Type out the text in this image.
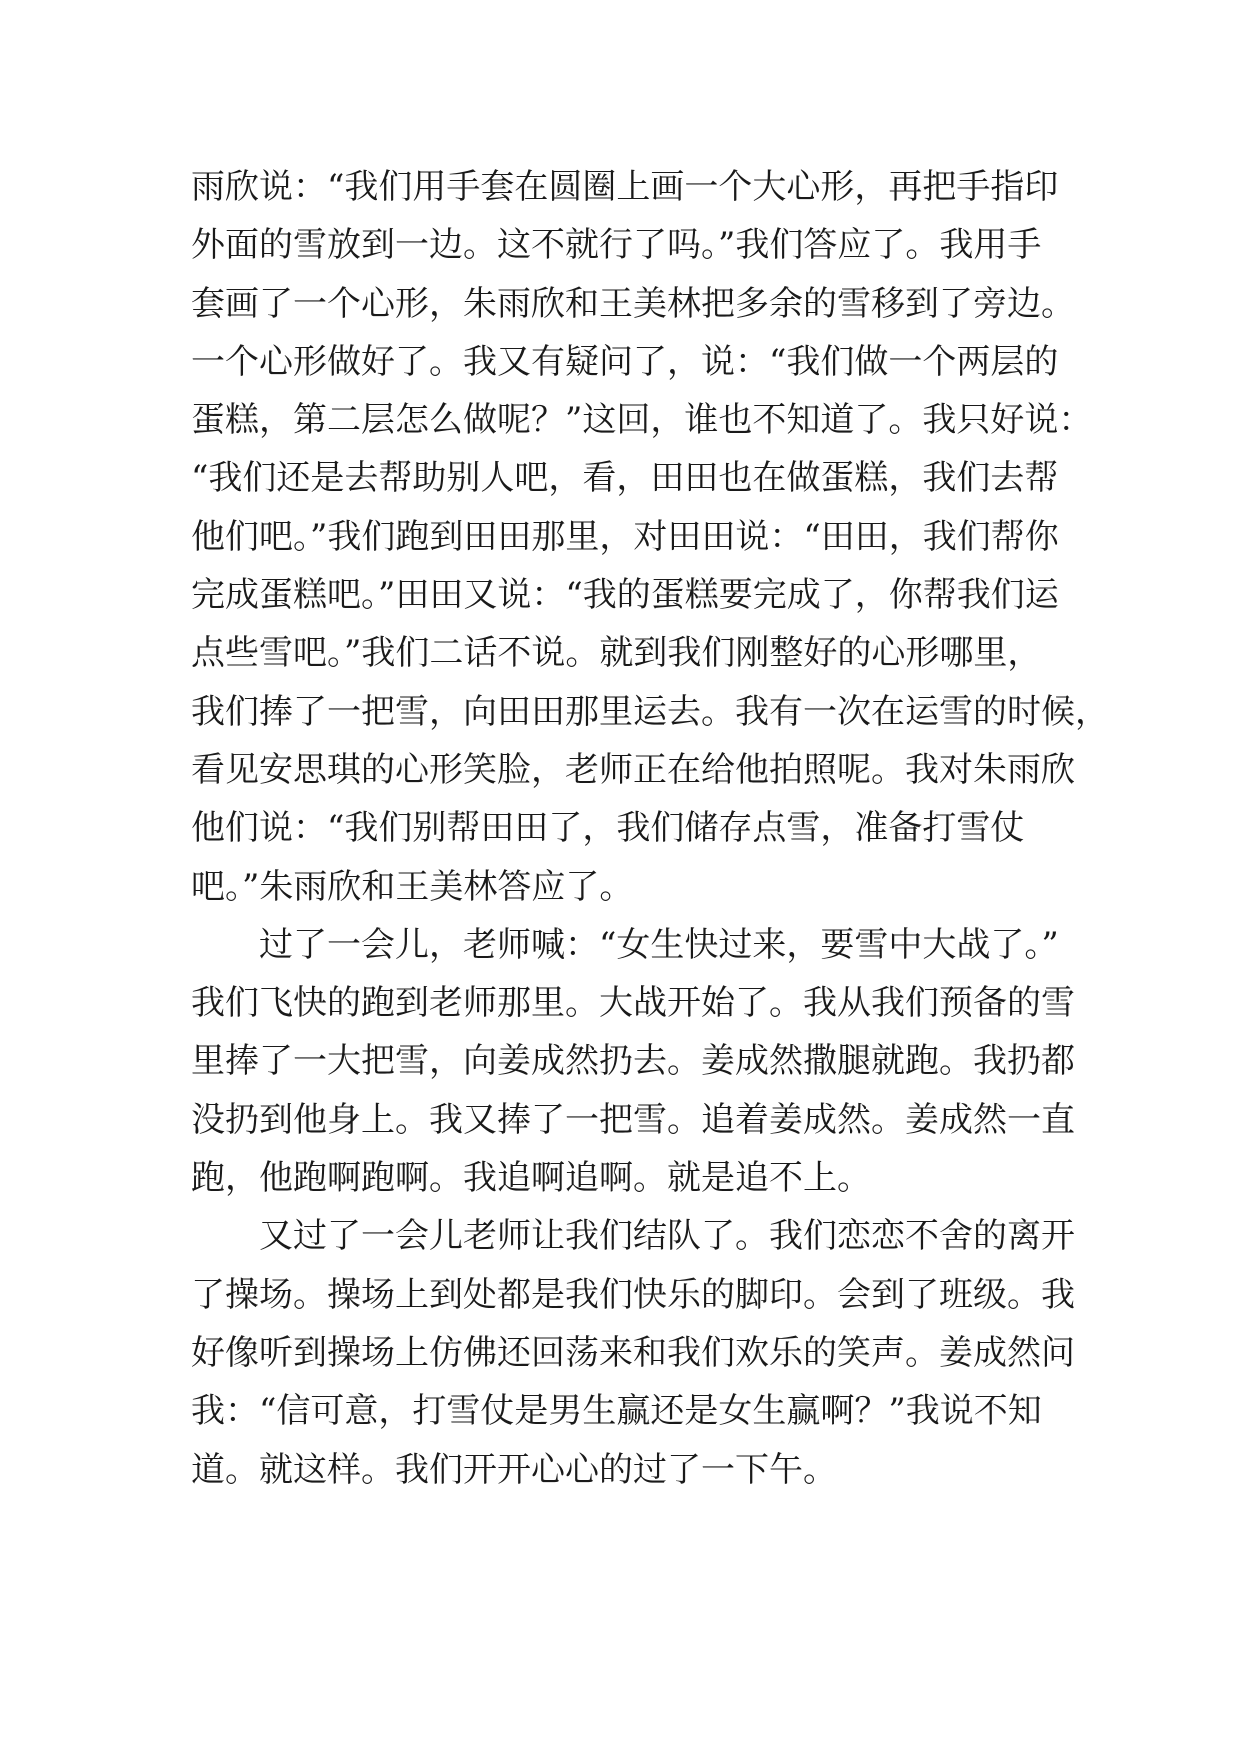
雨欣说：“我们用手套在圆圈上画一个大心形，再把手指印
外面的雪放到一边。这不就行了吗。”我们答应了。我用手
套画了一个心形，朱雨欣和王美林把多余的雪移到了旁边。
一个心形做好了。我又有疑问了，说：“我们做一个两层的
蛋糕，第二层怎么做呢？”这回，谁也不知道了。我只好说：
“我们还是去帮助别人吧，看，田田也在做蛋糕，我们去帮
他们吧。”我们跑到田田那里，对田田说：“田田，我们帮你
完成蛋糕吧。”田田又说：“我的蛋糕要完成了，你帮我们运
点些雪吧。”我们二话不说。就到我们刚整好的心形哪里，
我们捧了一把雪，向田田那里运去。我有一次在运雪的时候，
看见安思琪的心形笑脸，老师正在给他拍照呢。我对朱雨欣
他们说：“我们别帮田田了，我们储存点雪，准备打雪仗
吧。”朱雨欣和王美林答应了。
过了一会儿，老师喊：“女生快过来，要雪中大战了。”
我们飞快的跑到老师那里。大战开始了。我从我们预备的雪
里捧了一大把雪，向姜成然扔去。姜成然撒腿就跑。我扔都
没扔到他身上。我又捧了一把雪。追着姜成然。姜成然一直
跑，他跑啊跑啊。我追啊追啊。就是追不上。
又过了一会儿老师让我们结队了。我们恋恋不舍的离开
了操场。操场上到处都是我们快乐的脚印。会到了班级。我
好像听到操场上仿佛还回荡来和我们欢乐的笑声。姜成然问
我：“信可意，打雪仗是男生赢还是女生赢啊？”我说不知
道。就这样。我们开开心心的过了一下午。
